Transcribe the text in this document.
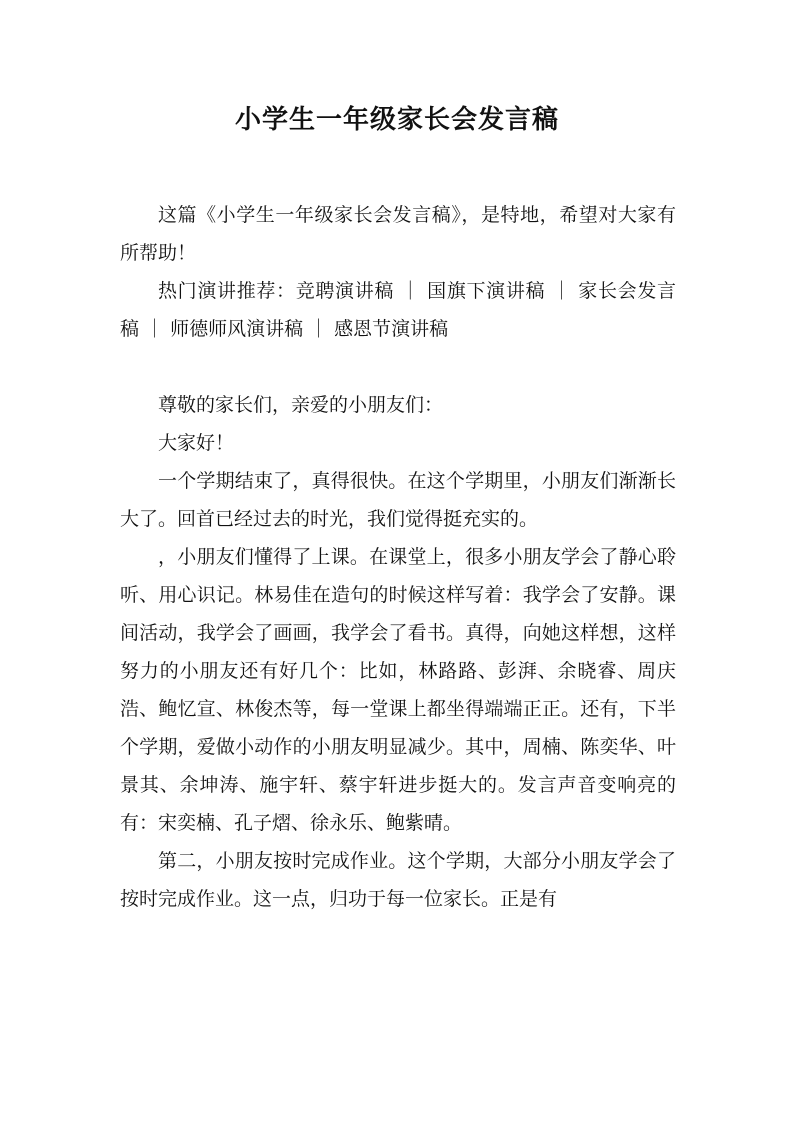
小学生一年级家长会发言稿

这篇《小学生一年级家长会发言稿》，是特地，希望对大家有所帮助！

热门演讲推荐：竞聘演讲稿 ｜ 国旗下演讲稿 ｜ 家长会发言稿 ｜ 师德师风演讲稿 ｜ 感恩节演讲稿

尊敬的家长们，亲爱的小朋友们：

大家好！

一个学期结束了，真得很快。在这个学期里，小朋友们渐渐长大了。回首已经过去的时光，我们觉得挺充实的。

，小朋友们懂得了上课。在课堂上，很多小朋友学会了静心聆听、用心识记。林易佳在造句的时候这样写着：我学会了安静。课间活动，我学会了画画，我学会了看书。真得，向她这样想，这样努力的小朋友还有好几个：比如，林路路、彭湃、余晓睿、周庆浩、鲍忆宣、林俊杰等，每一堂课上都坐得端端正正。还有，下半个学期，爱做小动作的小朋友明显减少。其中，周楠、陈奕华、叶景其、余坤涛、施宇轩、蔡宇轩进步挺大的。发言声音变响亮的有：宋奕楠、孔子熠、徐永乐、鲍紫晴。

第二，小朋友按时完成作业。这个学期，大部分小朋友学会了按时完成作业。这一点，归功于每一位家长。正是有
